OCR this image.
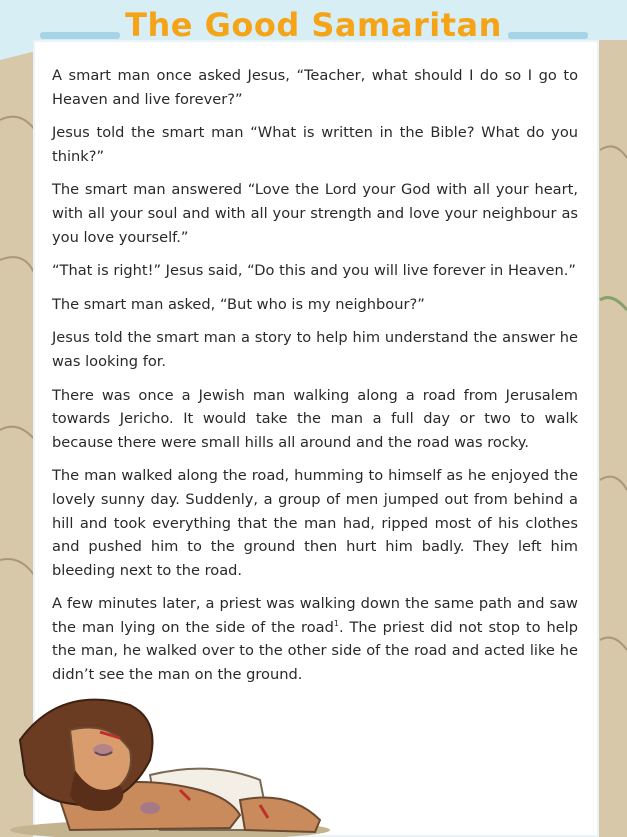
The Good Samaritan

A smart man once asked Jesus, “Teacher, what should I do so I go to Heaven and live forever?”

Jesus told the smart man “What is written in the Bible? What do you think?”

The smart man answered “Love the Lord your God with all your heart, with all your soul and with all your strength and love your neighbour as you love yourself.”

“That is right!” Jesus said, “Do this and you will live forever in Heaven.”

The smart man asked, “But who is my neighbour?”

Jesus told the smart man a story to help him understand the answer he was looking for.

There was once a Jewish man walking along a road from Jerusalem towards Jericho. It would take the man a full day or two to walk because there were small hills all around and the road was rocky.

The man walked along the road, humming to himself as he enjoyed the lovely sunny day. Suddenly, a group of men jumped out from behind a hill and took everything that the man had, ripped most of his clothes and pushed him to the ground then hurt him badly. They left him bleeding next to the road.

A few minutes later, a priest was walking down the same path and saw the man lying on the side of the road$^1$. The priest did not stop to help the man, he walked over to the other side of the road and acted like he didn’t see the man on the ground.
